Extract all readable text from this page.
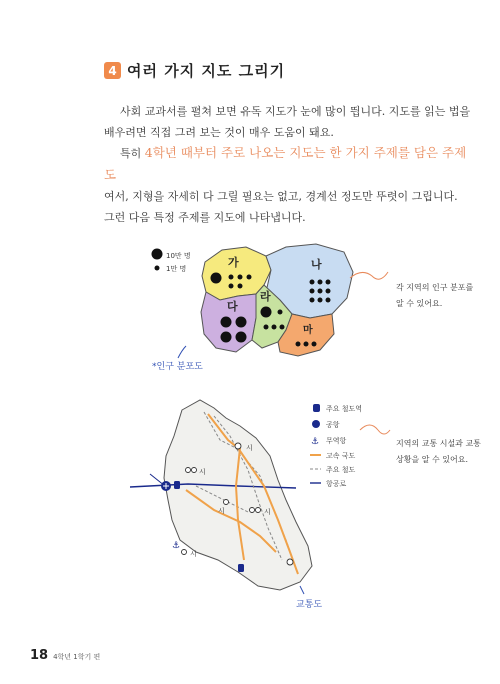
4 여러 가지 지도 그리기
사회 교과서를 펼쳐 보면 유독 지도가 눈에 많이 띕니다. 지도를 읽는 법을
배우려면 직접 그려 보는 것이 매우 도움이 돼요.
특히 4학년 때부터 주로 나오는 지도는 한 가지 주제를 담은 주제도
여서, 지형을 자세히 다 그릴 필요는 없고, 경계선 정도만 뚜렷이 그립니다.
그런 다음 특정 주제를 지도에 나타냅니다.
10만 명
1만 명	가	나
다
라
마
*인구 분포도
시
시
시	시
시
⚓
주요 철도역
공항
⚓ 무역항
고속 국도
주요 철도
항공로
교통도
각 지역의 인구 분포를
알 수 있어요.
지역의 교통 시설과 교통
상황을 알 수 있어요.
18 4학년 1학기 편
